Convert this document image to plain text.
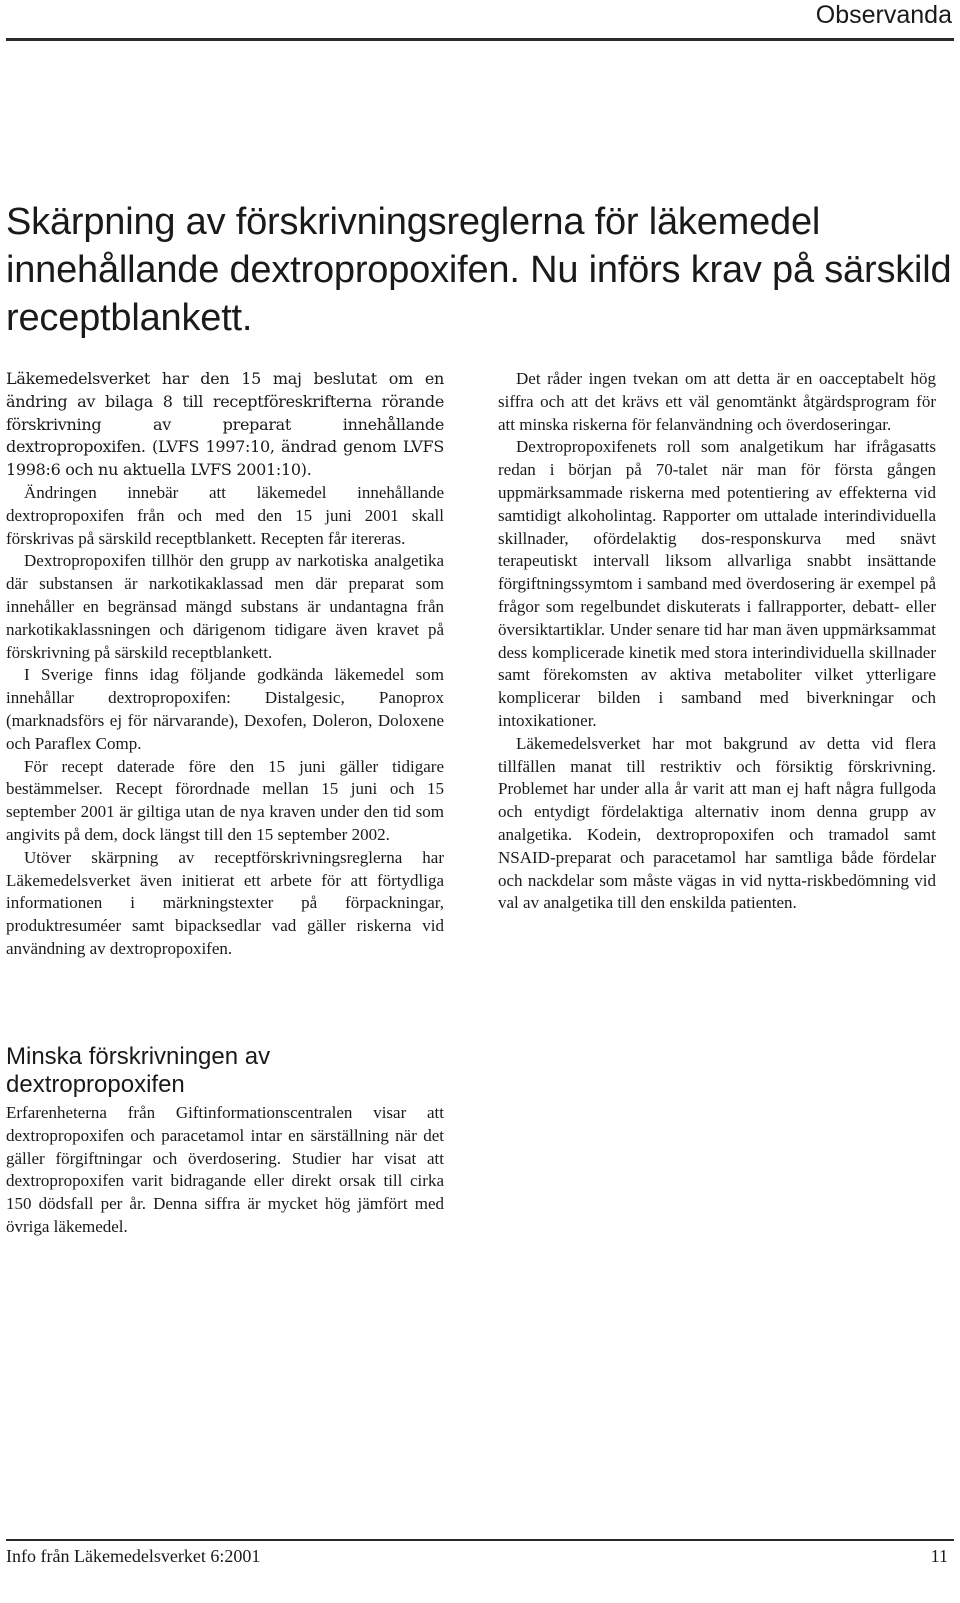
Observanda
Skärpning av förskrivningsreglerna för läkemedel innehållande dextropropoxifen. Nu införs krav på särskild receptblankett.

Läkemedelsverket har den 15 maj beslutat om en ändring av bilaga 8 till receptföreskrifterna rörande förskrivning av preparat innehållande dextropropoxifen. (LVFS 1997:10, ändrad genom LVFS 1998:6 och nu aktuella LVFS 2001:10).

Ändringen innebär att läkemedel innehållande dextropropoxifen från och med den 15 juni 2001 skall förskrivas på särskild receptblankett. Recepten får itereras.

Dextropropoxifen tillhör den grupp av narkotiska analgetika där substansen är narkotikaklassad men där preparat som innehåller en begränsad mängd substans är undantagna från narkotikaklassningen och därigenom tidigare även kravet på förskrivning på särskild receptblankett.

I Sverige finns idag följande godkända läkemedel som innehållar dextropropoxifen: Distalgesic, Panoprox (marknadsförs ej för närvarande), Dexofen, Doleron, Doloxene och Paraflex Comp.

För recept daterade före den 15 juni gäller tidigare bestämmelser. Recept förordnade mellan 15 juni och 15 september 2001 är giltiga utan de nya kraven under den tid som angivits på dem, dock längst till den 15 september 2002.

Utöver skärpning av receptförskrivningsreglerna har Läkemedelsverket även initierat ett arbete för att förtydliga informationen i märkningstexter på förpackningar, produktresuméer samt bipacksedlar vad gäller riskerna vid användning av dextropropoxifen.

Minska förskrivningen av dextropropoxifen

Erfarenheterna från Giftinformationscentralen visar att dextropropoxifen och paracetamol intar en särställning när det gäller förgiftningar och överdosering. Studier har visat att dextropropoxifen varit bidragande eller direkt orsak till cirka 150 dödsfall per år. Denna siffra är mycket hög jämfört med övriga läkemedel.

Det råder ingen tvekan om att detta är en oacceptabelt hög siffra och att det krävs ett väl genomtänkt åtgärdsprogram för att minska riskerna för felanvändning och överdoseringar.

Dextropropoxifenets roll som analgetikum har ifrågasatts redan i början på 70-talet när man för första gången uppmärksammade riskerna med potentiering av effekterna vid samtidigt alkoholintag. Rapporter om uttalade interindividuella skillnader, ofördelaktig dos-responskurva med snävt terapeutiskt intervall liksom allvarliga snabbt insättande förgiftningssymtom i samband med överdosering är exempel på frågor som regelbundet diskuterats i fallrapporter, debatt- eller översiktartiklar. Under senare tid har man även uppmärksammat dess komplicerade kinetik med stora interindividuella skillnader samt förekomsten av aktiva metaboliter vilket ytterligare komplicerar bilden i samband med biverkningar och intoxikationer.

Läkemedelsverket har mot bakgrund av detta vid flera tillfällen manat till restriktiv och försiktig förskrivning. Problemet har under alla år varit att man ej haft några fullgoda och entydigt fördelaktiga alternativ inom denna grupp av analgetika. Kodein, dextropropoxifen och tramadol samt NSAID-preparat och paracetamol har samtliga både fördelar och nackdelar som måste vägas in vid nytta-riskbedömning vid val av analgetika till den enskilda patienten.

Info från Läkemedelsverket 6:2001	11
